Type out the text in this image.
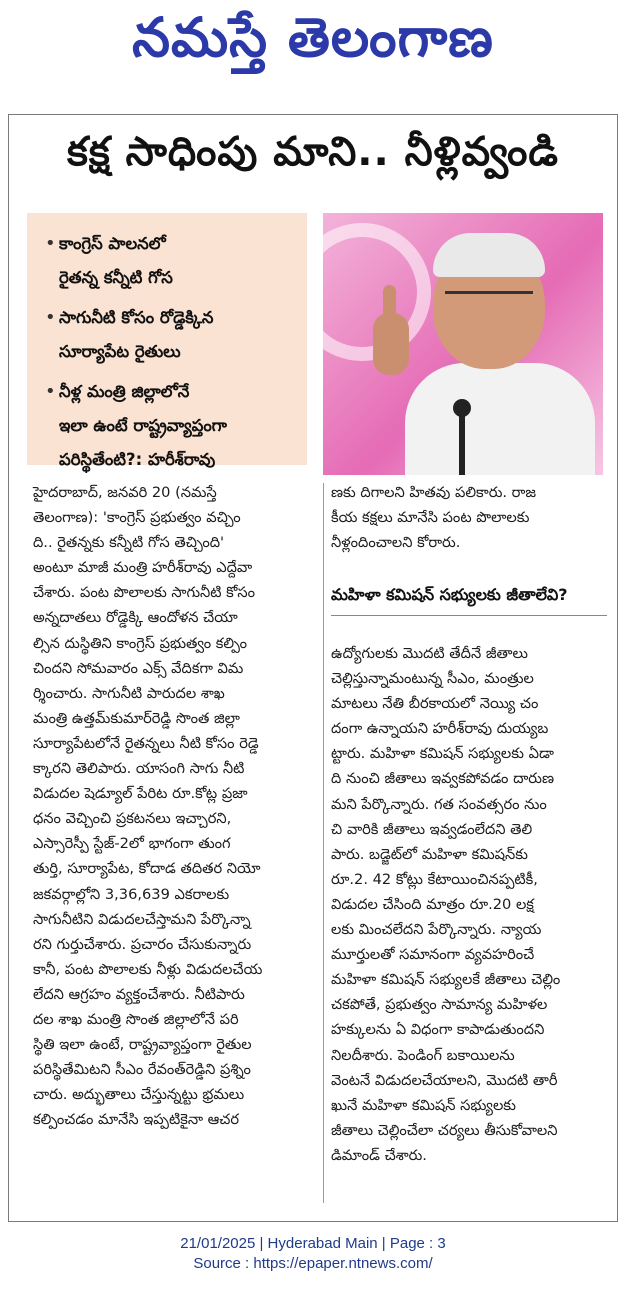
నమస్తే తెలంగాణ
కక్ష సాధింపు మాని.. నీళ్లివ్వండి
• కాంగ్రెస్ పాలనలో
రైతన్న కన్నీటి గోస
• సాగునీటి కోసం రోడ్డెక్కిన
సూర్యాపేట రైతులు
• నీళ్ల మంత్రి జిల్లాలోనే
ఇలా ఉంటే రాష్ట్రవ్యాప్తంగా
పరిస్థితేంటి?: హరీశ్‌రావు
హైదరాబాద్, జనవరి 20 (నమస్తే
తెలంగాణ): 'కాంగ్రెస్ ప్రభుత్వం వచ్చిం
ది.. రైతన్నకు కన్నీటి గోస తెచ్చింది'
అంటూ మాజీ మంత్రి హరీశ్‌రావు ఎద్దేవా
చేశారు. పంట పొలాలకు సాగునీటి కోసం
అన్నదాతలు రోడ్డెక్కి ఆందోళన చేయా
ల్సిన దుస్థితిని కాంగ్రెస్ ప్రభుత్వం కల్పిం
చిందని సోమవారం ఎక్స్ వేదికగా విమ
ర్శించారు. సాగునీటి పారుదల శాఖ
మంత్రి ఉత్తమ్‌కుమార్‌రెడ్డి సొంత జిల్లా
సూర్యాపేటలోనే రైతన్నలు నీటి కోసం రెడ్డె
క్కారని తెలిపారు. యాసంగి సాగు నీటి
విడుదల షెడ్యూల్ పేరిట రూ.కోట్ల ప్రజా
ధనం వెచ్చించి ప్రకటనలు ఇచ్చారని,
ఎస్సారెస్పీ స్టేజ్-2లో భాగంగా తుంగ
తుర్తి, సూర్యాపేట, కోదాడ తదితర నియో
జకవర్గాల్లోని 3,36,639 ఎకరాలకు
సాగునీటిని విడుదలచేస్తామని పేర్కొన్నా
రని గుర్తుచేశారు. ప్రచారం చేసుకున్నారు
కానీ, పంట పొలాలకు నీళ్లు విడుదలచేయ
లేదని ఆగ్రహం వ్యక్తంచేశారు. నీటిపారు
దల శాఖ మంత్రి సొంత జిల్లాలోనే పరి
స్థితి ఇలా ఉంటే, రాష్ట్రవ్యాప్తంగా రైతుల
పరిస్థితేమిటని సీఎం రేవంత్‌రెడ్డిని ప్రశ్నిం
చారు. అద్భుతాలు చేస్తున్నట్టు భ్రమలు
కల్పించడం మానేసి ఇప్పటికైనా ఆచర
ణకు దిగాలని హితవు పలికారు. రాజ
కీయ కక్షలు మానేసి పంట పొలాలకు
నీళ్లందించాలని కోరారు.
మహిళా కమిషన్ సభ్యులకు జీతాలేవి?
ఉద్యోగులకు మొదటి తేదీనే జీతాలు
చెల్లిస్తున్నామంటున్న సీఎం, మంత్రుల
మాటలు నేతి బీరకాయలో నెయ్యి చం
దంగా ఉన్నాయని హరీశ్‌రావు దుయ్యబ
ట్టారు. మహిళా కమిషన్ సభ్యులకు ఏడా
ది నుంచి జీతాలు ఇవ్వకపోవడం దారుణ
మని పేర్కొన్నారు. గత సంవత్సరం నుం
చి వారికి జీతాలు ఇవ్వడంలేదని తెలి
పారు. బడ్జెట్‌లో మహిళా కమిషన్‌కు
రూ.2. 42 కోట్లు కేటాయించినప్పటికీ,
విడుదల చేసింది మాత్రం రూ.20 లక్ష
లకు మించలేదని పేర్కొన్నారు. న్యాయ
మూర్తులతో సమానంగా వ్యవహరించే
మహిళా కమిషన్ సభ్యులకే జీతాలు చెల్లిం
చకపోతే, ప్రభుత్వం సామాన్య మహిళల
హక్కులను ఏ విధంగా కాపాడుతుందని
నిలదీశారు. పెండింగ్ బకాయిలను
వెంటనే విడుదలచేయాలని, మొదటి తారీ
ఖునే మహిళా కమిషన్ సభ్యులకు
జీతాలు చెల్లించేలా చర్యలు తీసుకోవాలని
డిమాండ్ చేశారు.
21/01/2025 | Hyderabad Main | Page : 3
Source : https://epaper.ntnews.com/
